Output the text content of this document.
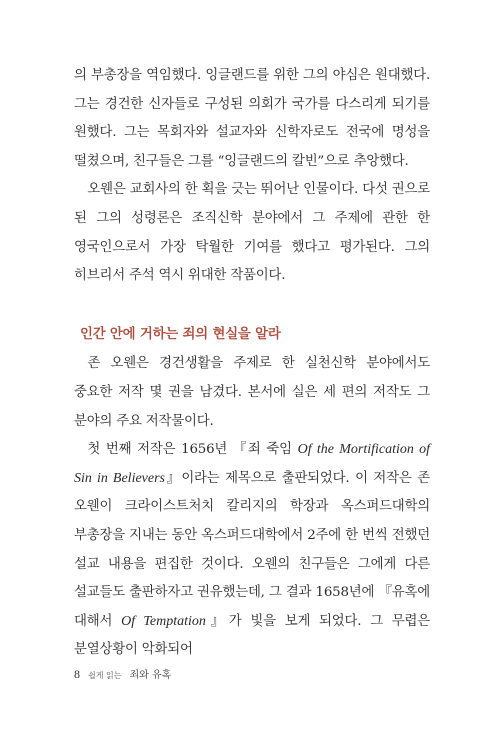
의 부총장을 역임했다. 잉글랜드를 위한 그의 야심은 원대했다. 그는 경건한 신자들로 구성된 의회가 국가를 다스리게 되기를 원했다. 그는 목회자와 설교자와 신학자로도 전국에 명성을 떨쳤으며, 친구들은 그를 “잉글랜드의 칼빈”으로 추앙했다.

오웬은 교회사의 한 획을 긋는 뛰어난 인물이다. 다섯 권으로 된 그의 성령론은 조직신학 분야에서 그 주제에 관한 한 영국인으로서 가장 탁월한 기여를 했다고 평가된다. 그의 히브리서 주석 역시 위대한 작품이다.

인간 안에 거하는 죄의 현실을 알라

존 오웬은 경건생활을 주제로 한 실천신학 분야에서도 중요한 저작 몇 권을 남겼다. 본서에 실은 세 편의 저작도 그 분야의 주요 저작물이다.

첫 번째 저작은 1656년 『죄 죽임 Of the Mortification of Sin in Believers』이라는 제목으로 출판되었다. 이 저작은 존 오웬이 크라이스트처치 칼리지의 학장과 옥스퍼드대학의 부총장을 지내는 동안 옥스퍼드대학에서 2주에 한 번씩 전했던 설교 내용을 편집한 것이다. 오웬의 친구들은 그에게 다른 설교들도 출판하자고 권유했는데, 그 결과 1658년에 『유혹에 대해서 Of Temptation』가 빛을 보게 되었다. 그 무렵은 분열상황이 악화되어

8 쉽게 읽는 죄와 유혹
